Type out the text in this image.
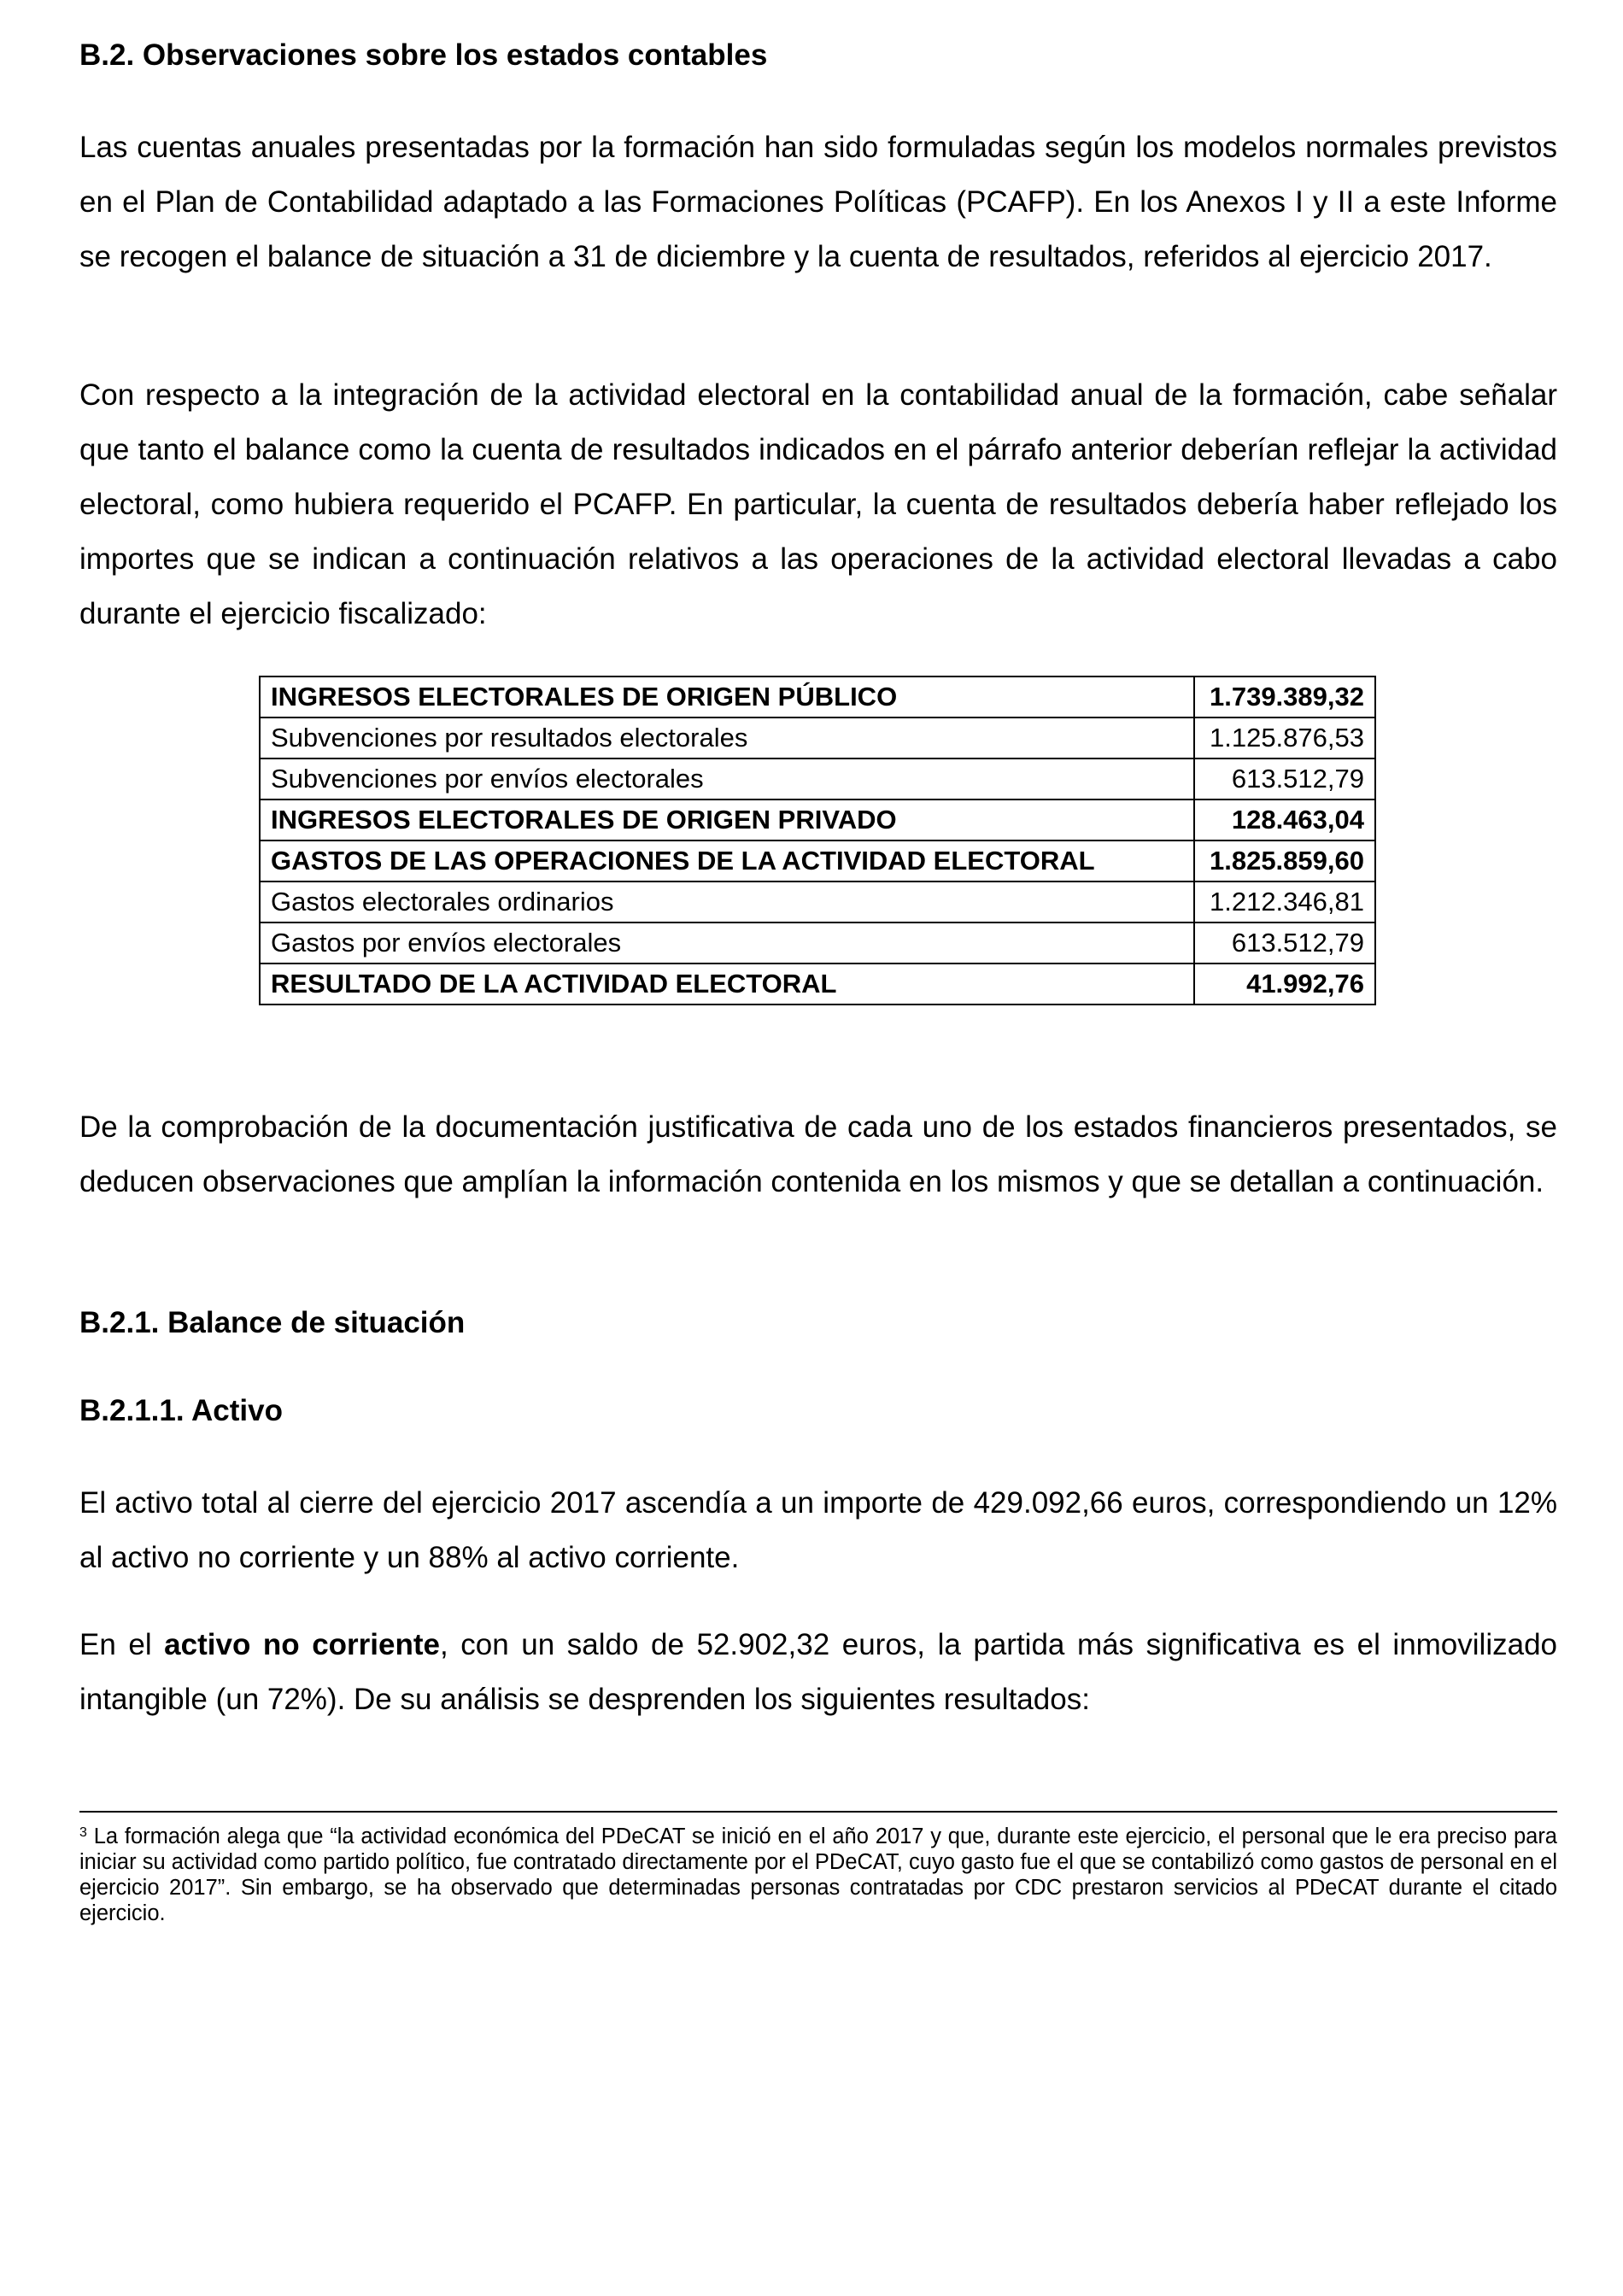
B.2. Observaciones sobre los estados contables

Las cuentas anuales presentadas por la formación han sido formuladas según los modelos normales previstos en el Plan de Contabilidad adaptado a las Formaciones Políticas (PCAFP). En los Anexos I y II a este Informe se recogen el balance de situación a 31 de diciembre y la cuenta de resultados, referidos al ejercicio 2017.

Con respecto a la integración de la actividad electoral en la contabilidad anual de la formación, cabe señalar que tanto el balance como la cuenta de resultados indicados en el párrafo anterior deberían reflejar la actividad electoral, como hubiera requerido el PCAFP. En particular, la cuenta de resultados debería haber reflejado los importes que se indican a continuación relativos a las operaciones de la actividad electoral llevadas a cabo durante el ejercicio fiscalizado:

INGRESOS ELECTORALES DE ORIGEN PÚBLICO	1.739.389,32
Subvenciones por resultados electorales	1.125.876,53
Subvenciones por envíos electorales	613.512,79
INGRESOS ELECTORALES DE ORIGEN PRIVADO	128.463,04
GASTOS DE LAS OPERACIONES DE LA ACTIVIDAD ELECTORAL	1.825.859,60
Gastos electorales ordinarios	1.212.346,81
Gastos por envíos electorales	613.512,79
RESULTADO DE LA ACTIVIDAD ELECTORAL	41.992,76

De la comprobación de la documentación justificativa de cada uno de los estados financieros presentados, se deducen observaciones que amplían la información contenida en los mismos y que se detallan a continuación.

B.2.1. Balance de situación
B.2.1.1. Activo

El activo total al cierre del ejercicio 2017 ascendía a un importe de 429.092,66 euros, correspondiendo un 12% al activo no corriente y un 88% al activo corriente.

En el activo no corriente, con un saldo de 52.902,32 euros, la partida más significativa es el inmovilizado intangible (un 72%). De su análisis se desprenden los siguientes resultados:

$^3$ La formación alega que “la actividad económica del PDeCAT se inició en el año 2017 y que, durante este ejercicio, el personal que le era preciso para iniciar su actividad como partido político, fue contratado directamente por el PDeCAT, cuyo gasto fue el que se contabilizó como gastos de personal en el ejercicio 2017”. Sin embargo, se ha observado que determinadas personas contratadas por CDC prestaron servicios al PDeCAT durante el citado ejercicio.
